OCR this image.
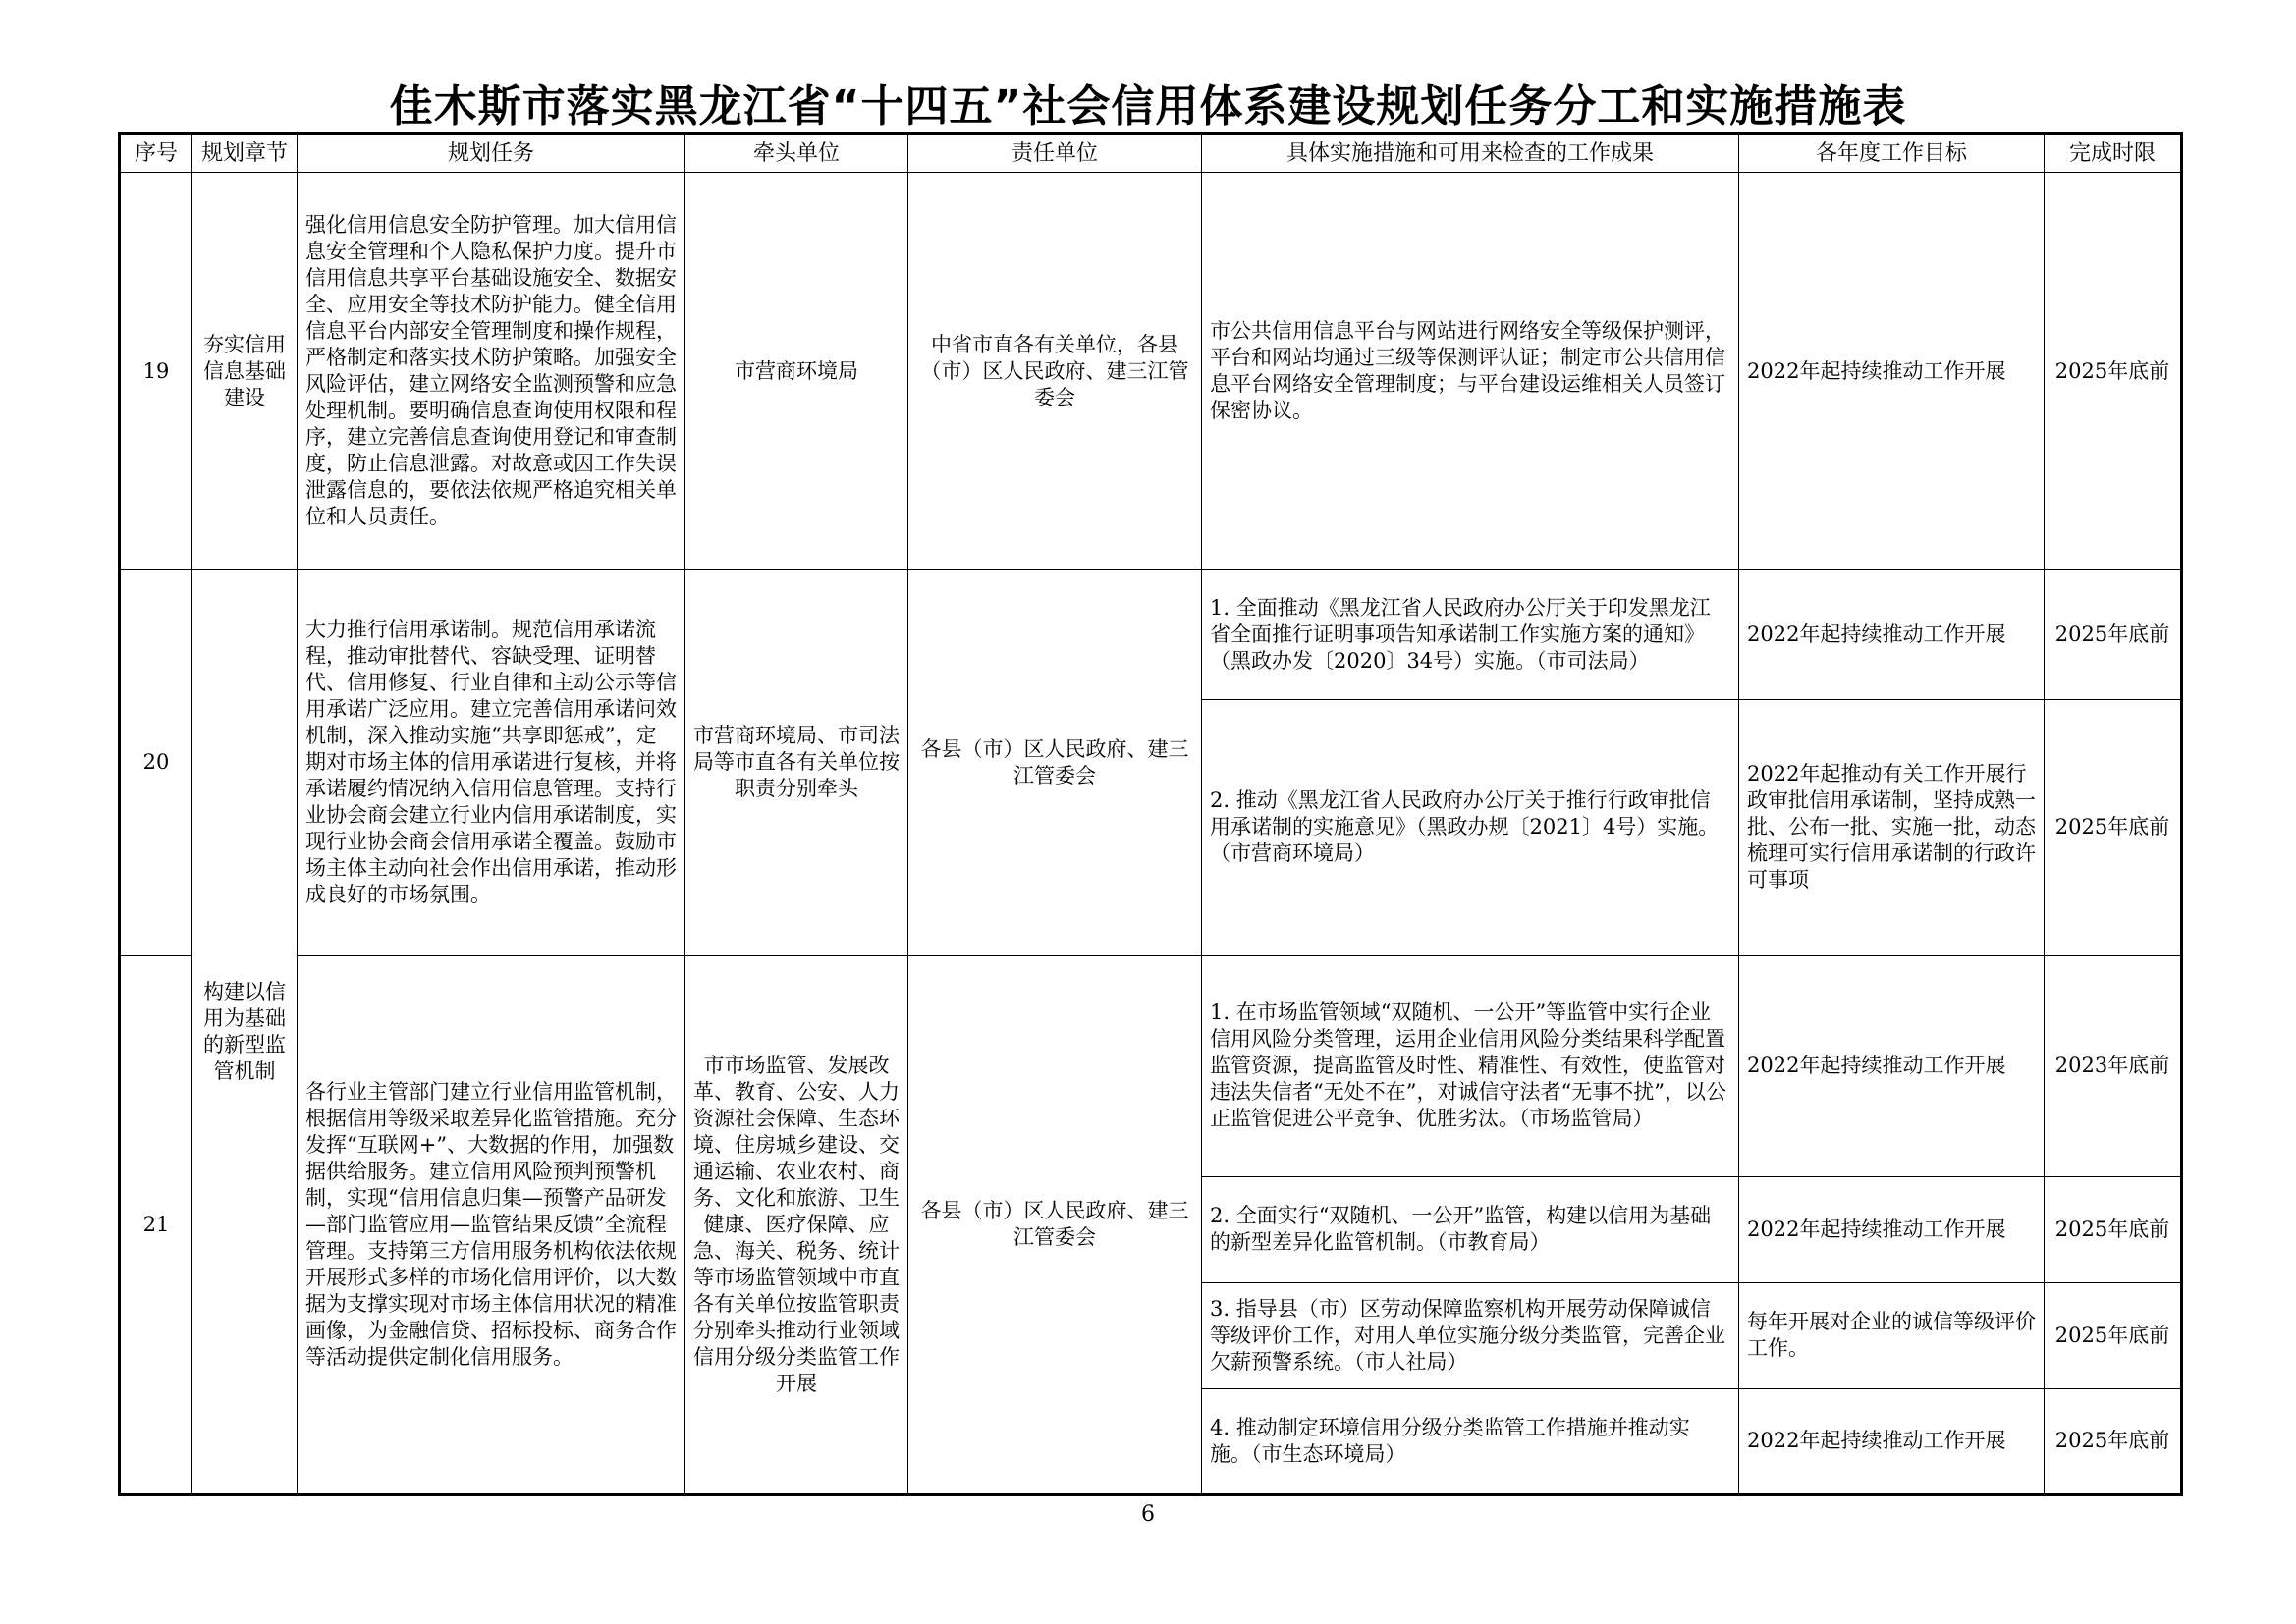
佳木斯市落实黑龙江省“十四五”社会信用体系建设规划任务分工和实施措施表
序号	规划章节	规划任务	牵头单位	责任单位	具体实施措施和可用来检查的工作成果	各年度工作目标	完成时限
19	夯实信用信息基础建设	强化信用信息安全防护管理。加大信用信息安全管理和个人隐私保护力度。提升市信用信息共享平台基础设施安全、数据安全、应用安全等技术防护能力。健全信用信息平台内部安全管理制度和操作规程，严格制定和落实技术防护策略。加强安全风险评估，建立网络安全监测预警和应急处理机制。要明确信息查询使用权限和程序，建立完善信息查询使用登记和审查制度，防止信息泄露。对故意或因工作失误泄露信息的，要依法依规严格追究相关单位和人员责任。	市营商环境局	中省市直各有关单位，各县（市）区人民政府、建三江管委会	市公共信用信息平台与网站进行网络安全等级保护测评，平台和网站均通过三级等保测评认证；制定市公共信用信息平台网络安全管理制度；与平台建设运维相关人员签订保密协议。	2022年起持续推动工作开展	2025年底前
20	构建以信用为基础的新型监管机制	大力推行信用承诺制。规范信用承诺流程，推动审批替代、容缺受理、证明替代、信用修复、行业自律和主动公示等信用承诺广泛应用。建立完善信用承诺问效机制，深入推动实施“共享即惩戒”，定期对市场主体的信用承诺进行复核，并将承诺履约情况纳入信用信息管理。支持行业协会商会建立行业内信用承诺制度，实现行业协会商会信用承诺全覆盖。鼓励市场主体主动向社会作出信用承诺，推动形成良好的市场氛围。	市营商环境局、市司法局等市直各有关单位按职责分别牵头	各县（市）区人民政府、建三江管委会	1. 全面推动《黑龙江省人民政府办公厅关于印发黑龙江省全面推行证明事项告知承诺制工作实施方案的通知》（黑政办发〔2020〕34号）实施。（市司法局）	2022年起持续推动工作开展	2025年底前
					2. 推动《黑龙江省人民政府办公厅关于推行行政审批信用承诺制的实施意见》（黑政办规〔2021〕4号）实施。（市营商环境局）	2022年起推动有关工作开展行政审批信用承诺制，坚持成熟一批、公布一批、实施一批，动态梳理可实行信用承诺制的行政许可事项	2025年底前
21		各行业主管部门建立行业信用监管机制，根据信用等级采取差异化监管措施。充分发挥“互联网+”、大数据的作用，加强数据供给服务。建立信用风险预判预警机制，实现“信用信息归集—预警产品研发—部门监管应用—监管结果反馈”全流程管理。支持第三方信用服务机构依法依规开展形式多样的市场化信用评价，以大数据为支撑实现对市场主体信用状况的精准画像，为金融信贷、招标投标、商务合作等活动提供定制化信用服务。	市市场监管、发展改革、教育、公安、人力资源社会保障、生态环境、住房城乡建设、交通运输、农业农村、商务、文化和旅游、卫生健康、医疗保障、应急、海关、税务、统计等市场监管领域中市直各有关单位按监管职责分别牵头推动行业领域信用分级分类监管工作开展	各县（市）区人民政府、建三江管委会	1. 在市场监管领域“双随机、一公开”等监管中实行企业信用风险分类管理，运用企业信用风险分类结果科学配置监管资源，提高监管及时性、精准性、有效性，使监管对违法失信者“无处不在”，对诚信守法者“无事不扰”，以公正监管促进公平竞争、优胜劣汰。（市场监管局）	2022年起持续推动工作开展	2023年底前
					2. 全面实行“双随机、一公开”监管，构建以信用为基础的新型差异化监管机制。（市教育局）	2022年起持续推动工作开展	2025年底前
					3. 指导县（市）区劳动保障监察机构开展劳动保障诚信等级评价工作，对用人单位实施分级分类监管，完善企业欠薪预警系统。（市人社局）	每年开展对企业的诚信等级评价工作。	2025年底前
					4. 推动制定环境信用分级分类监管工作措施并推动实施。（市生态环境局）	2022年起持续推动工作开展	2025年底前
6
